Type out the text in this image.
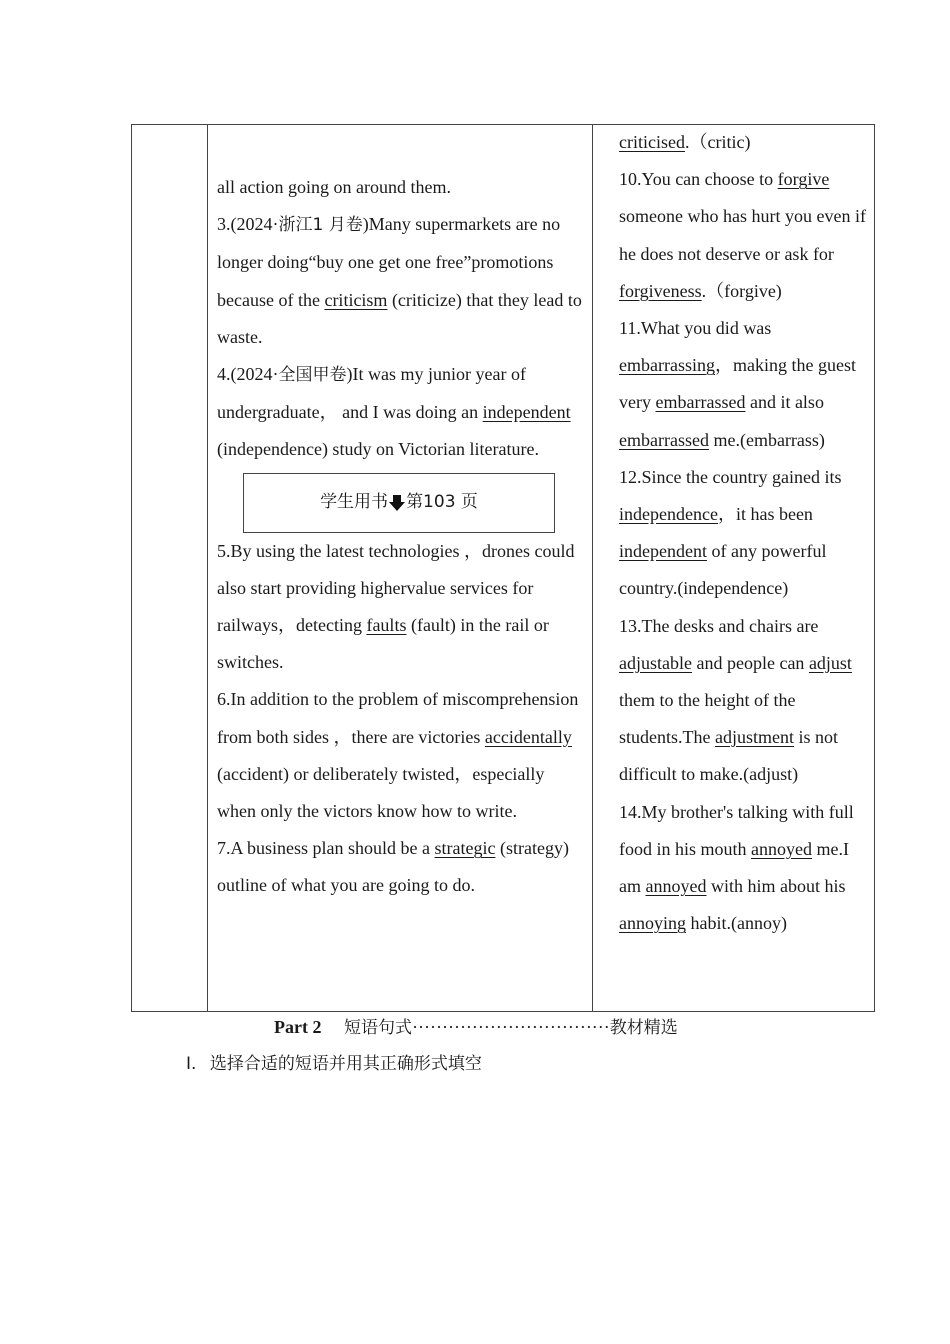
all action going on around them.

3.(2024·浙江1 月卷)Many supermarkets are no longer doing“buy one get one free”promotions because of the criticism (criticize) that they lead to waste.

4.(2024·全国甲卷)It was my junior year of undergraduate， and I was doing an independent (independence) study on Victorian literature.

学生用书 第103 页

5.By using the latest technologies ，drones could also start providing highervalue services for railways，detecting faults (fault) in the rail or switches.

6.In addition to the problem of miscomprehension from both sides ，there are victories accidentally (accident) or deliberately twisted，especially when only the victors know how to write.

7.A business plan should be a strategic (strategy) outline of what you are going to do.

criticised.（critic)

10.You can choose to forgive someone who has hurt you even if he does not deserve or ask for forgiveness.（forgive)

11.What you did was embarrassing，making the guest very embarrassed and it also embarrassed me.(embarrass)

12.Since the country gained its independence，it has been independent of any powerful country.(independence)

13.The desks and chairs are adjustable and people can adjust them to the height of the students.The adjustment is not difficult to make.(adjust)

14.My brother's talking with full food in his mouth annoyed me.I am annoyed with him about his annoying habit.(annoy)

Part 2 短语句式·································教材精选
Ⅰ. 选择合适的短语并用其正确形式填空
